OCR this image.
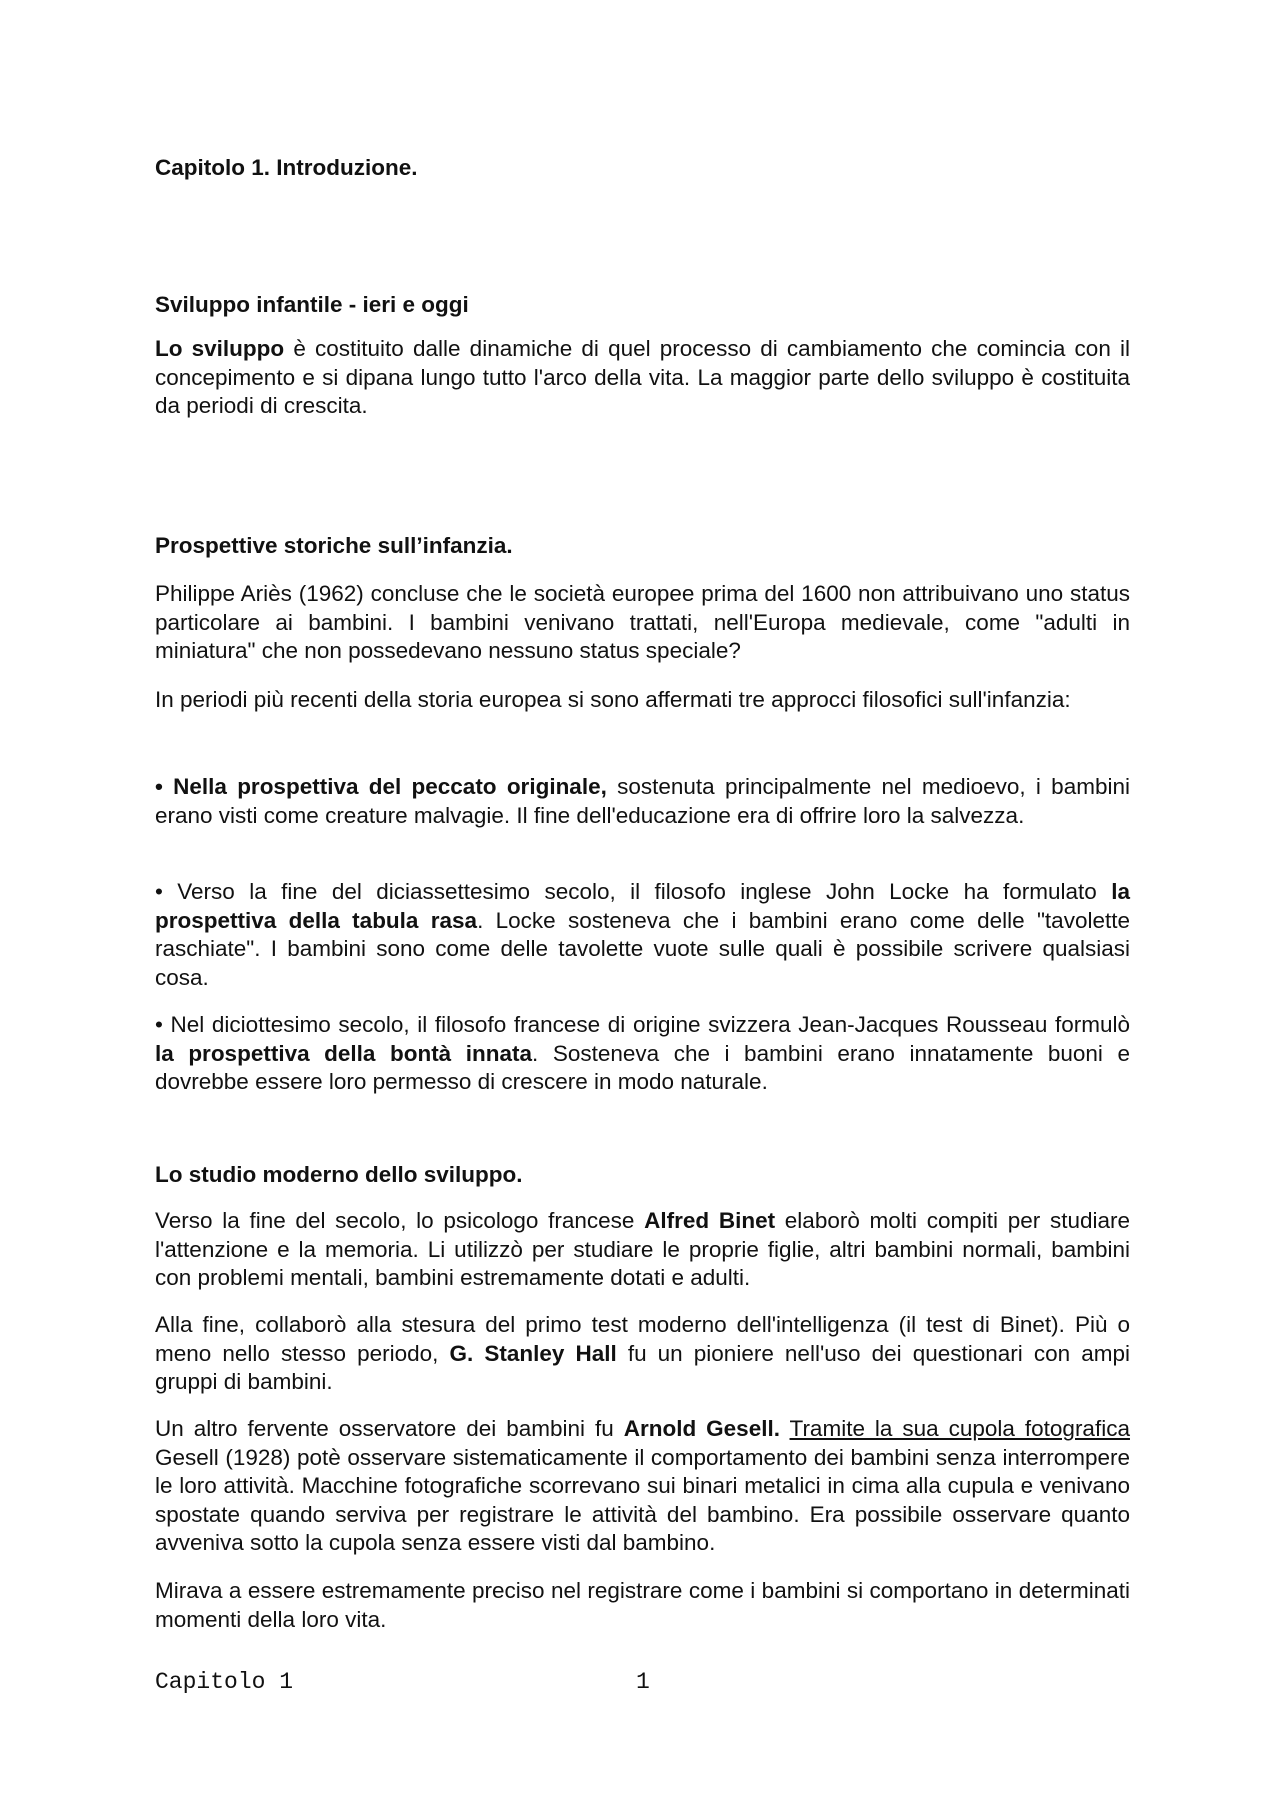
Capitolo 1. Introduzione.
Sviluppo infantile - ieri e oggi

Lo sviluppo è costituito dalle dinamiche di quel processo di cambiamento che comincia con il concepimento e si dipana lungo tutto l'arco della vita. La maggior parte dello sviluppo è costituita da periodi di crescita.

Prospettive storiche sull’infanzia.

Philippe Ariès (1962) concluse che le società europee prima del 1600 non attribuivano uno status particolare ai bambini. I bambini venivano trattati, nell'Europa medievale, come "adulti in miniatura" che non possedevano nessuno status speciale?

In periodi più recenti della storia europea si sono affermati tre approcci filosofici sull'infanzia:

• Nella prospettiva del peccato originale, sostenuta principalmente nel medioevo, i bambini erano visti come creature malvagie. Il fine dell'educazione era di offrire loro la salvezza.

• Verso la fine del diciassettesimo secolo, il filosofo inglese John Locke ha formulato la prospettiva della tabula rasa. Locke sosteneva che i bambini erano come delle "tavolette raschiate". I bambini sono come delle tavolette vuote sulle quali è possibile scrivere qualsiasi cosa.

• Nel diciottesimo secolo, il filosofo francese di origine svizzera Jean-Jacques Rousseau formulò la prospettiva della bontà innata. Sosteneva che i bambini erano innatamente buoni e dovrebbe essere loro permesso di crescere in modo naturale.

Lo studio moderno dello sviluppo.

Verso la fine del secolo, lo psicologo francese Alfred Binet elaborò molti compiti per studiare l'attenzione e la memoria. Li utilizzò per studiare le proprie figlie, altri bambini normali, bambini con problemi mentali, bambini estremamente dotati e adulti.

Alla fine, collaborò alla stesura del primo test moderno dell'intelligenza (il test di Binet). Più o meno nello stesso periodo, G. Stanley Hall fu un pioniere nell'uso dei questionari con ampi gruppi di bambini.

Un altro fervente osservatore dei bambini fu Arnold Gesell. Tramite la sua cupola fotografica Gesell (1928) potè osservare sistematicamente il comportamento dei bambini senza interrompere le loro attività. Macchine fotografiche scorrevano sui binari metalici in cima alla cupula e venivano spostate quando serviva per registrare le attività del bambino. Era possibile osservare quanto avveniva sotto la cupola senza essere visti dal bambino.

Mirava a essere estremamente preciso nel registrare come i bambini si comportano in determinati momenti della loro vita.

Capitolo 1	1
